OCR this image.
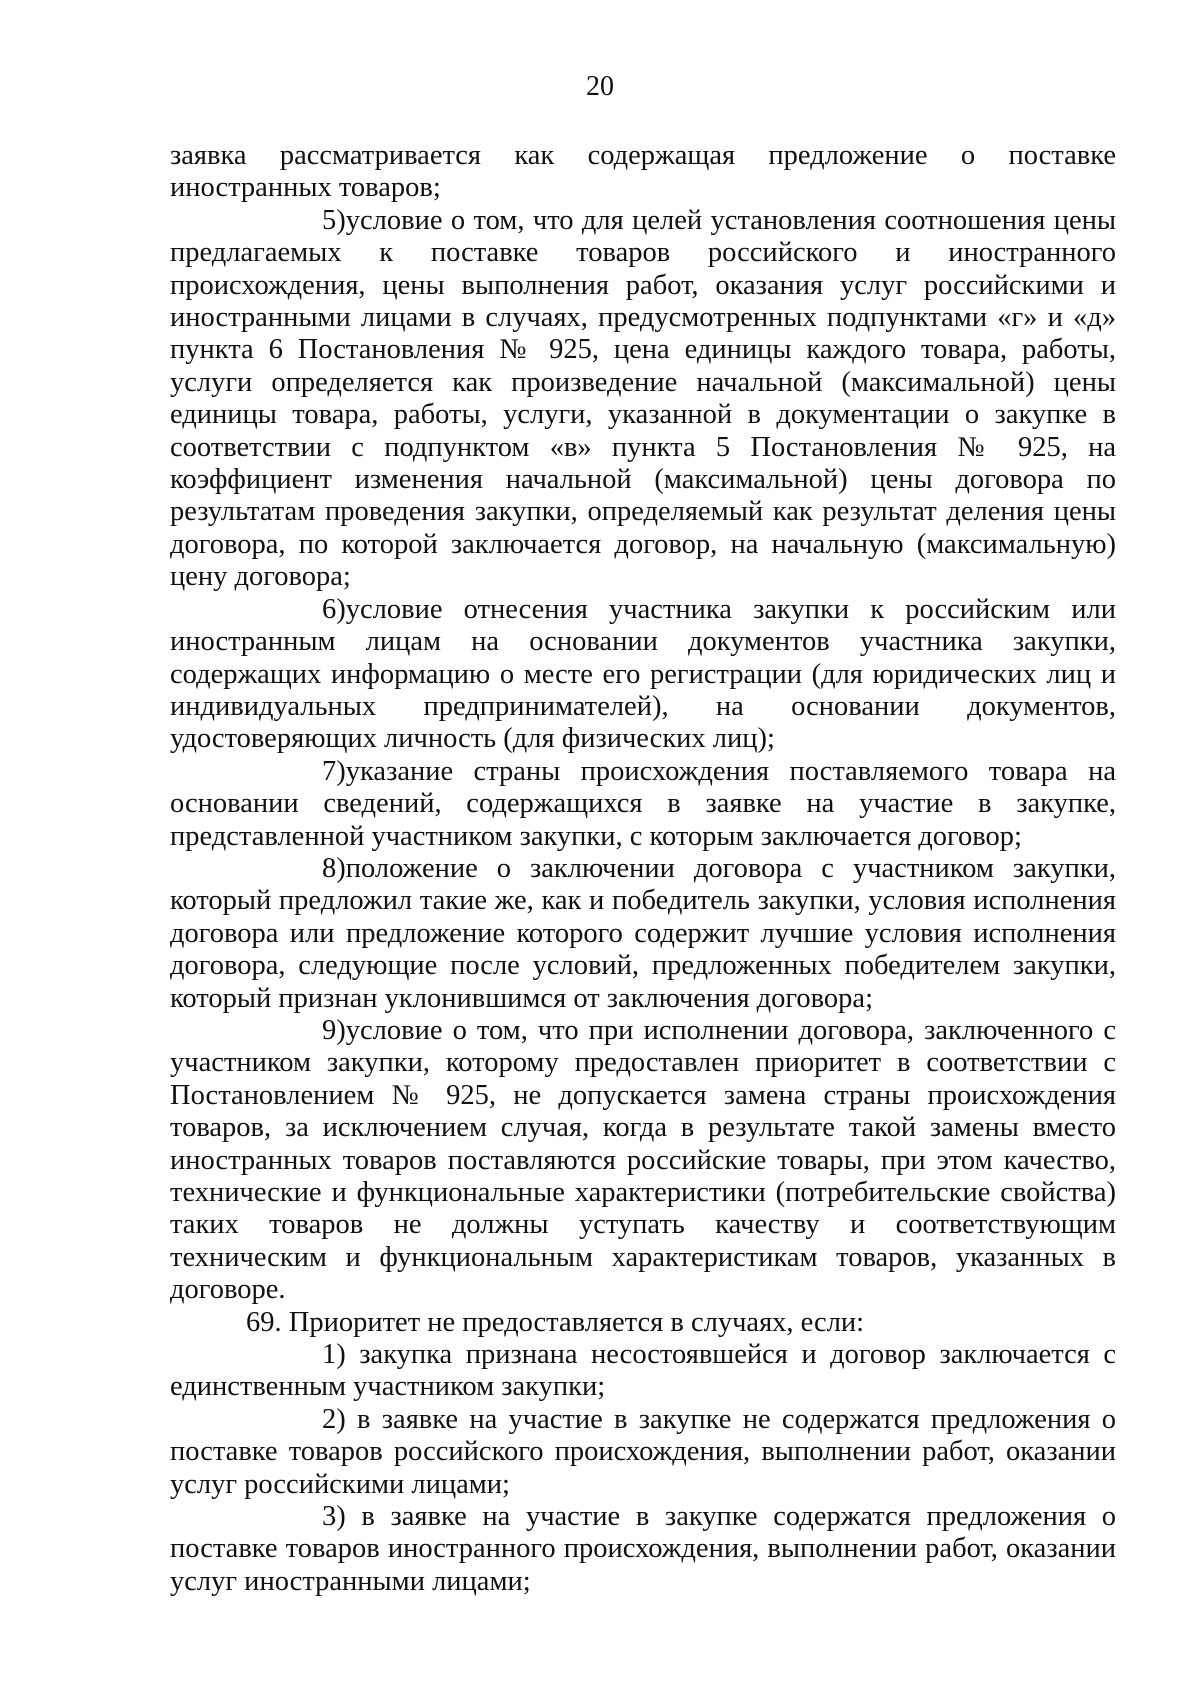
20

заявка рассматривается как содержащая предложение о поставке иностранных товаров;

5)условие о том, что для целей установления соотношения цены предлагаемых к поставке товаров российского и иностранного происхождения, цены выполнения работ, оказания услуг российскими и иностранными лицами в случаях, предусмотренных подпунктами «г» и «д» пункта 6 Постановления № 925, цена единицы каждого товара, работы, услуги определяется как произведение начальной (максимальной) цены единицы товара, работы, услуги, указанной в документации о закупке в соответствии с подпунктом «в» пункта 5 Постановления № 925, на коэффициент изменения начальной (максимальной) цены договора по результатам проведения закупки, определяемый как результат деления цены договора, по которой заключается договор, на начальную (максимальную) цену договора;

6)условие отнесения участника закупки к российским или иностранным лицам на основании документов участника закупки, содержащих информацию о месте его регистрации (для юридических лиц и индивидуальных предпринимателей), на основании документов, удостоверяющих личность (для физических лиц);

7)указание страны происхождения поставляемого товара на основании сведений, содержащихся в заявке на участие в закупке, представленной участником закупки, с которым заключается договор;

8)положение о заключении договора с участником закупки, который предложил такие же, как и победитель закупки, условия исполнения договора или предложение которого содержит лучшие условия исполнения договора, следующие после условий, предложенных победителем закупки, который признан уклонившимся от заключения договора;

9)условие о том, что при исполнении договора, заключенного с участником закупки, которому предоставлен приоритет в соответствии с Постановлением № 925, не допускается замена страны происхождения товаров, за исключением случая, когда в результате такой замены вместо иностранных товаров поставляются российские товары, при этом качество, технические и функциональные характеристики (потребительские свойства) таких товаров не должны уступать качеству и соответствующим техническим и функциональным характеристикам товаров, указанных в договоре.

69. Приоритет не предоставляется в случаях, если:

1) закупка признана несостоявшейся и договор заключается с единственным участником закупки;

2) в заявке на участие в закупке не содержатся предложения о поставке товаров российского происхождения, выполнении работ, оказании услуг российскими лицами;

3) в заявке на участие в закупке содержатся предложения о поставке товаров иностранного происхождения, выполнении работ, оказании услуг иностранными лицами;
